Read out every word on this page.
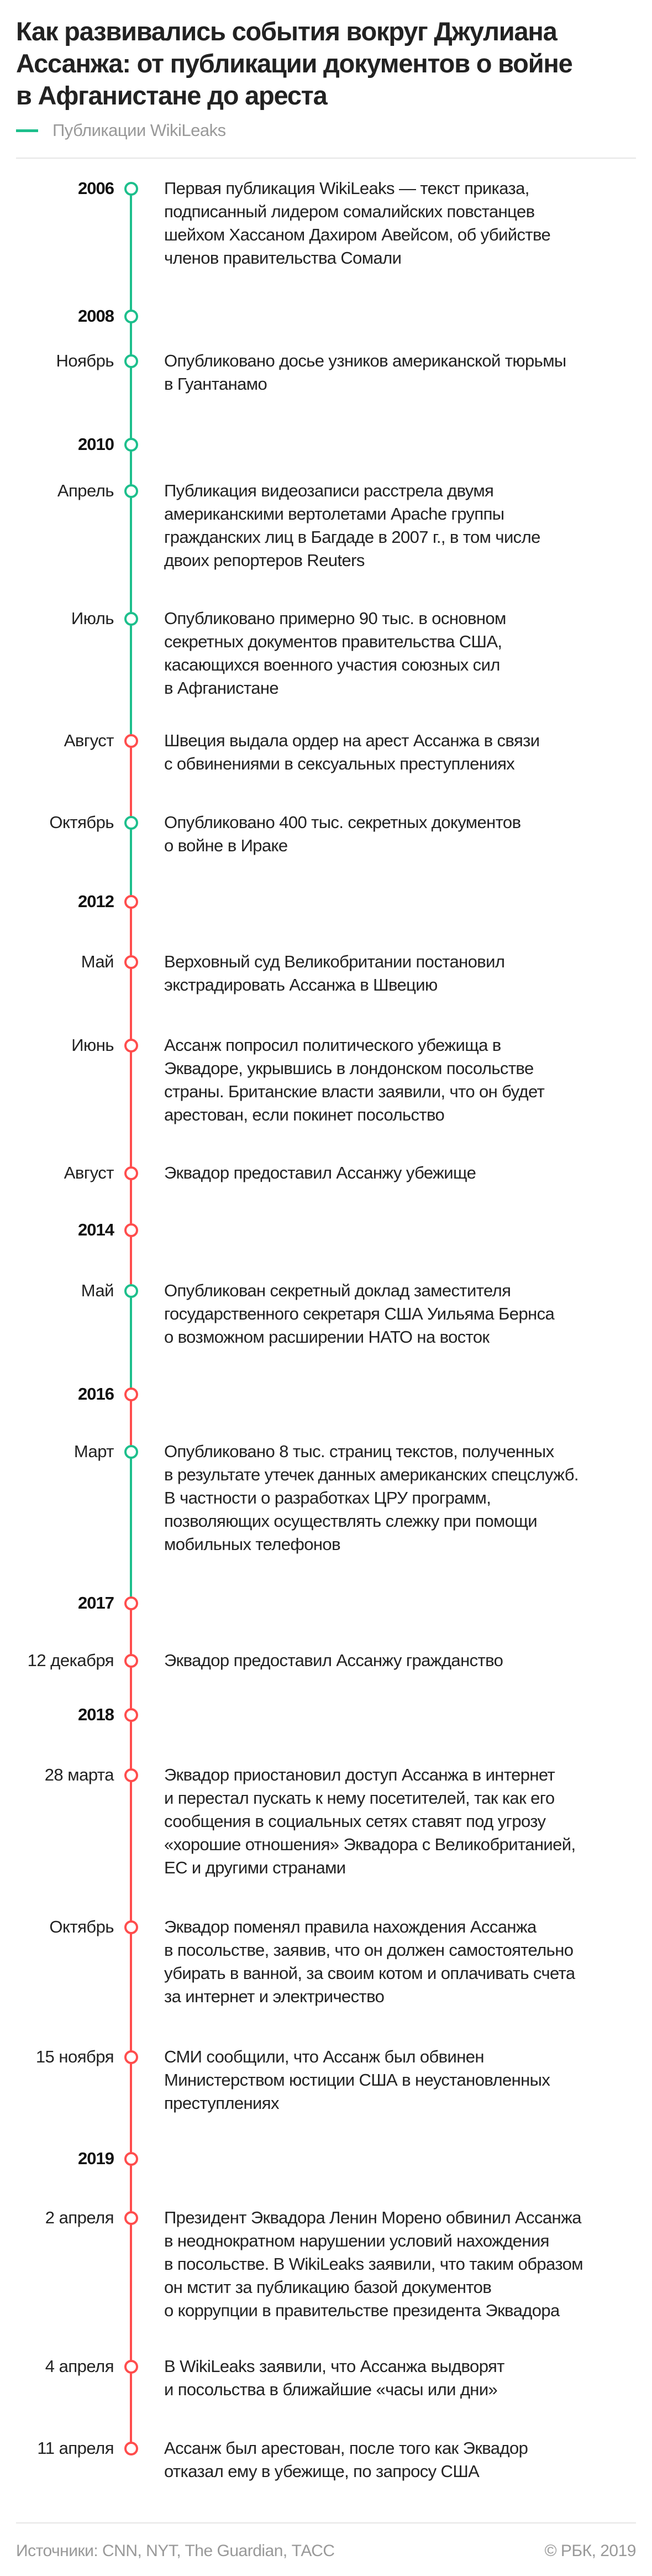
Как развивались события вокруг Джулиана
Ассанжа: от публикации документов о войне
в Афганистане до ареста
Публикации WikiLeaks
2006	Первая публикация WikiLeaks — текст приказа,
подписанный лидером сомалийских повстанцев
шейхом Хассаном Дахиром Авейсом, об убийстве
членов правительства Сомали
2008
Ноябрь	Опубликовано досье узников американской тюрьмы
в Гуантанамо
2010
Апрель	Публикация видеозаписи расстрела двумя
американскими вертолетами Apache группы
гражданских лиц в Багдаде в 2007 г., в том числе
двоих репортеров Reuters
Июль	Опубликовано примерно 90 тыс. в основном
секретных документов правительства США,
касающихся военного участия союзных сил
в Афганистане
Август	Швеция выдала ордер на арест Ассанжа в связи
с обвинениями в сексуальных преступлениях
Октябрь	Опубликовано 400 тыс. секретных документов
о войне в Ираке
2012
Май	Верховный суд Великобритании постановил
экстрадировать Ассанжа в Швецию
Июнь	Ассанж попросил политического убежища в
Эквадоре, укрывшись в лондонском посольстве
страны. Британские власти заявили, что он будет
арестован, если покинет посольство
Август	Эквадор предоставил Ассанжу убежище
2014
Май	Опубликован секретный доклад заместителя
государственного секретаря США Уильяма Бернса
о возможном расширении НАТО на восток
2016
Март	Опубликовано 8 тыс. страниц текстов, полученных
в результате утечек данных американских спецслужб.
В частности о разработках ЦРУ программ,
позволяющих осуществлять слежку при помощи
мобильных телефонов
2017
12 декабря	Эквадор предоставил Ассанжу гражданство
2018
28 марта	Эквадор приостановил доступ Ассанжа в интернет
и перестал пускать к нему посетителей, так как его
сообщения в социальных сетях ставят под угрозу
«хорошие отношения» Эквадора с Великобританией,
ЕС и другими странами
Октябрь	Эквадор поменял правила нахождения Ассанжа
в посольстве, заявив, что он должен самостоятельно
убирать в ванной, за своим котом и оплачивать счета
за интернет и электричество
15 ноября	СМИ сообщили, что Ассанж был обвинен
Министерством юстиции США в неустановленных
преступлениях
2019
2 апреля	Президент Эквадора Ленин Морено обвинил Ассанжа
в неоднократном нарушении условий нахождения
в посольстве. В WikiLeaks заявили, что таким образом
он мстит за публикацию базой документов
о коррупции в правительстве президента Эквадора
4 апреля	В WikiLeaks заявили, что Ассанжа выдворят
и посольства в ближайшие «часы или дни»
11 апреля	Ассанж был арестован, после того как Эквадор
отказал ему в убежище, по запросу США
Источники: CNN, NYT, The Guardian, ТАСС	© РБК, 2019
